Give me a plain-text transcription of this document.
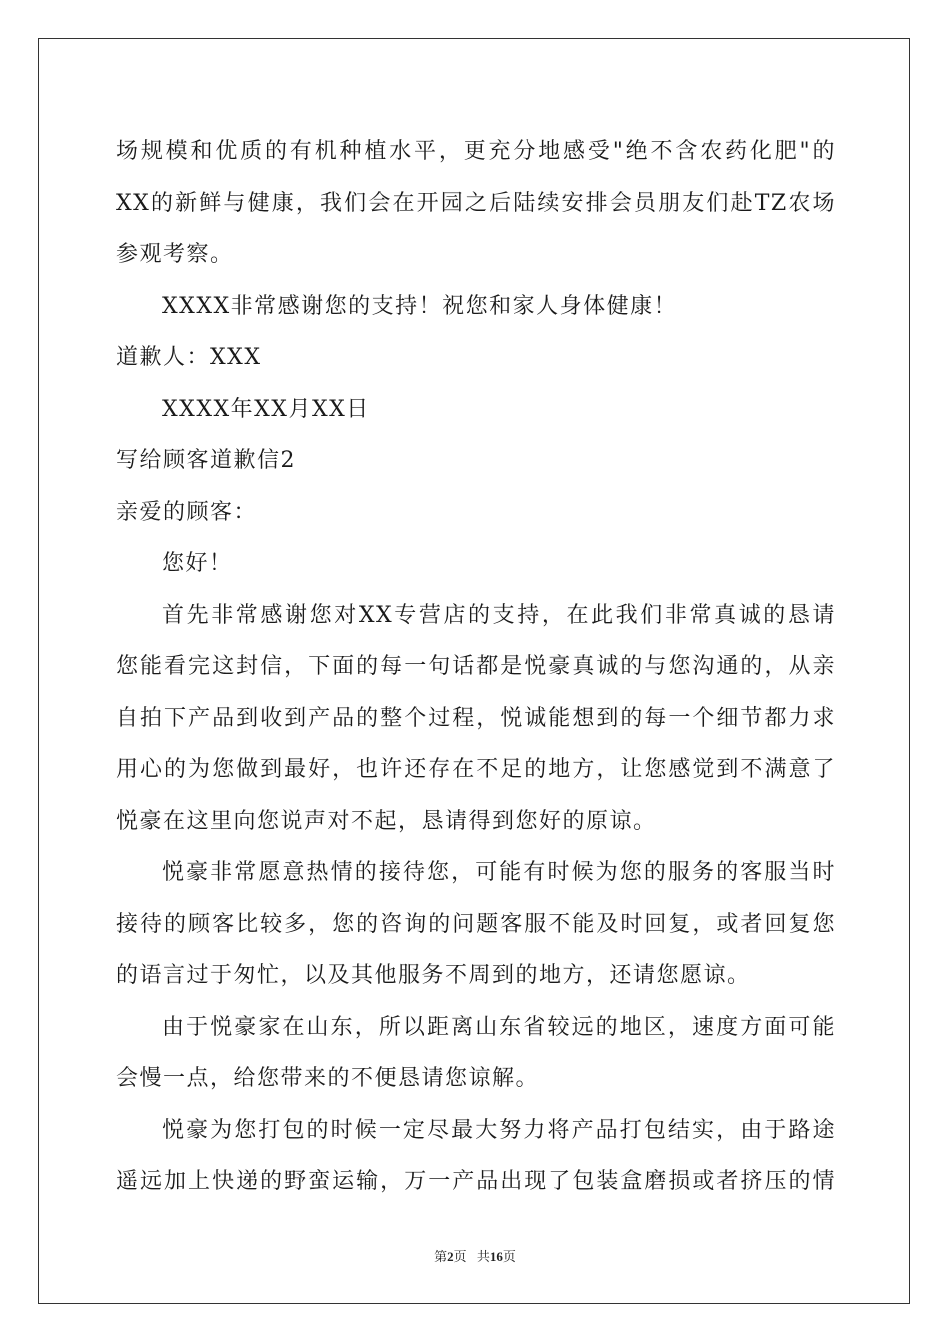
场规模和优质的有机种植水平，更充分地感受"绝不含农药化肥"的
XX的新鲜与健康，我们会在开园之后陆续安排会员朋友们赴TZ农场
参观考察。
XXXX非常感谢您的支持！祝您和家人身体健康！
道歉人：XXX
XXXX年XX月XX日
写给顾客道歉信2
亲爱的顾客：
您好！
首先非常感谢您对XX专营店的支持，在此我们非常真诚的恳请
您能看完这封信，下面的每一句话都是悦豪真诚的与您沟通的，从亲
自拍下产品到收到产品的整个过程，悦诚能想到的每一个细节都力求
用心的为您做到最好，也许还存在不足的地方，让您感觉到不满意了
悦豪在这里向您说声对不起，恳请得到您好的原谅。
悦豪非常愿意热情的接待您，可能有时候为您的服务的客服当时
接待的顾客比较多，您的咨询的问题客服不能及时回复，或者回复您
的语言过于匆忙，以及其他服务不周到的地方，还请您愿谅。
由于悦豪家在山东，所以距离山东省较远的地区，速度方面可能
会慢一点，给您带来的不便恳请您谅解。
悦豪为您打包的时候一定尽最大努力将产品打包结实，由于路途
遥远加上快递的野蛮运输，万一产品出现了包装盒磨损或者挤压的情
第2页 共16页
